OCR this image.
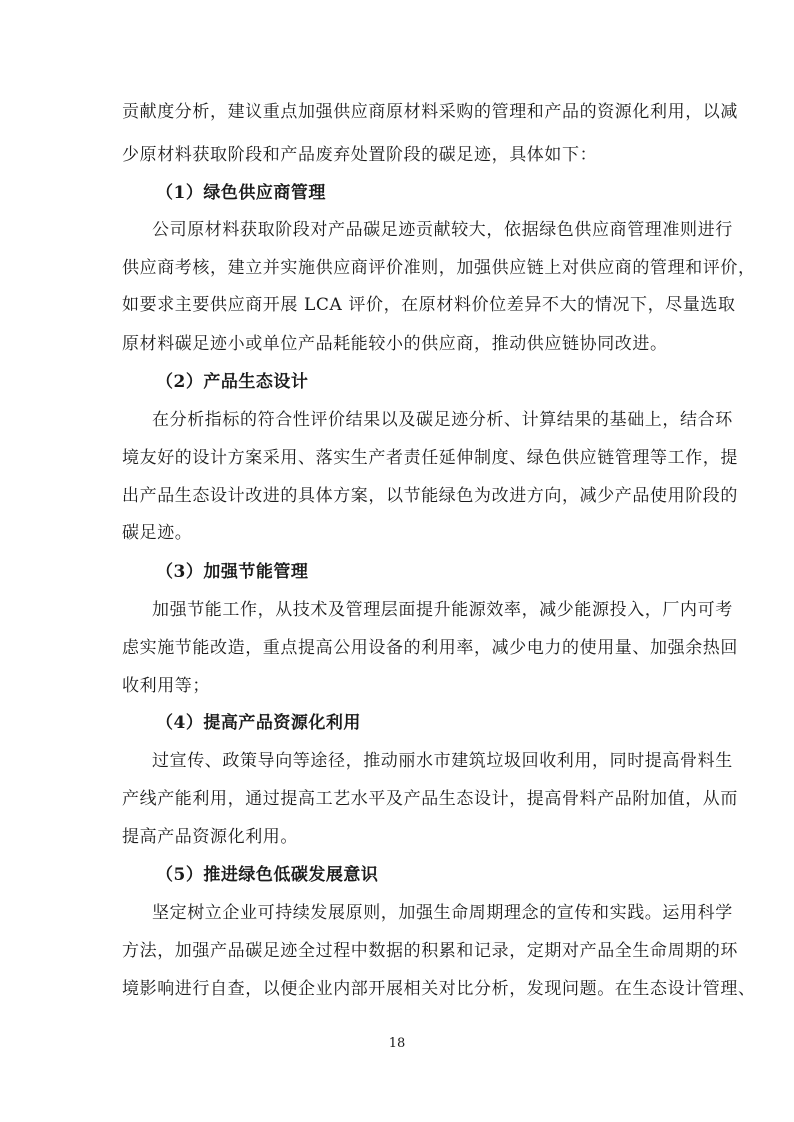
贡献度分析，建议重点加强供应商原材料采购的管理和产品的资源化利用，以减
少原材料获取阶段和产品废弃处置阶段的碳足迹，具体如下：
（1）绿色供应商管理
公司原材料获取阶段对产品碳足迹贡献较大，依据绿色供应商管理准则进行
供应商考核，建立并实施供应商评价准则，加强供应链上对供应商的管理和评价，
如要求主要供应商开展 LCA 评价，在原材料价位差异不大的情况下，尽量选取
原材料碳足迹小或单位产品耗能较小的供应商，推动供应链协同改进。
（2）产品生态设计
在分析指标的符合性评价结果以及碳足迹分析、计算结果的基础上，结合环
境友好的设计方案采用、落实生产者责任延伸制度、绿色供应链管理等工作，提
出产品生态设计改进的具体方案，以节能绿色为改进方向，减少产品使用阶段的
碳足迹。
（3）加强节能管理
加强节能工作，从技术及管理层面提升能源效率，减少能源投入，厂内可考
虑实施节能改造，重点提高公用设备的利用率，减少电力的使用量、加强余热回
收利用等；
（4）提高产品资源化利用
过宣传、政策导向等途径，推动丽水市建筑垃圾回收利用，同时提高骨料生
产线产能利用，通过提高工艺水平及产品生态设计，提高骨料产品附加值，从而
提高产品资源化利用。
（5）推进绿色低碳发展意识
坚定树立企业可持续发展原则，加强生命周期理念的宣传和实践。运用科学
方法，加强产品碳足迹全过程中数据的积累和记录，定期对产品全生命周期的环
境影响进行自查，以便企业内部开展相关对比分析，发现问题。在生态设计管理、
18
